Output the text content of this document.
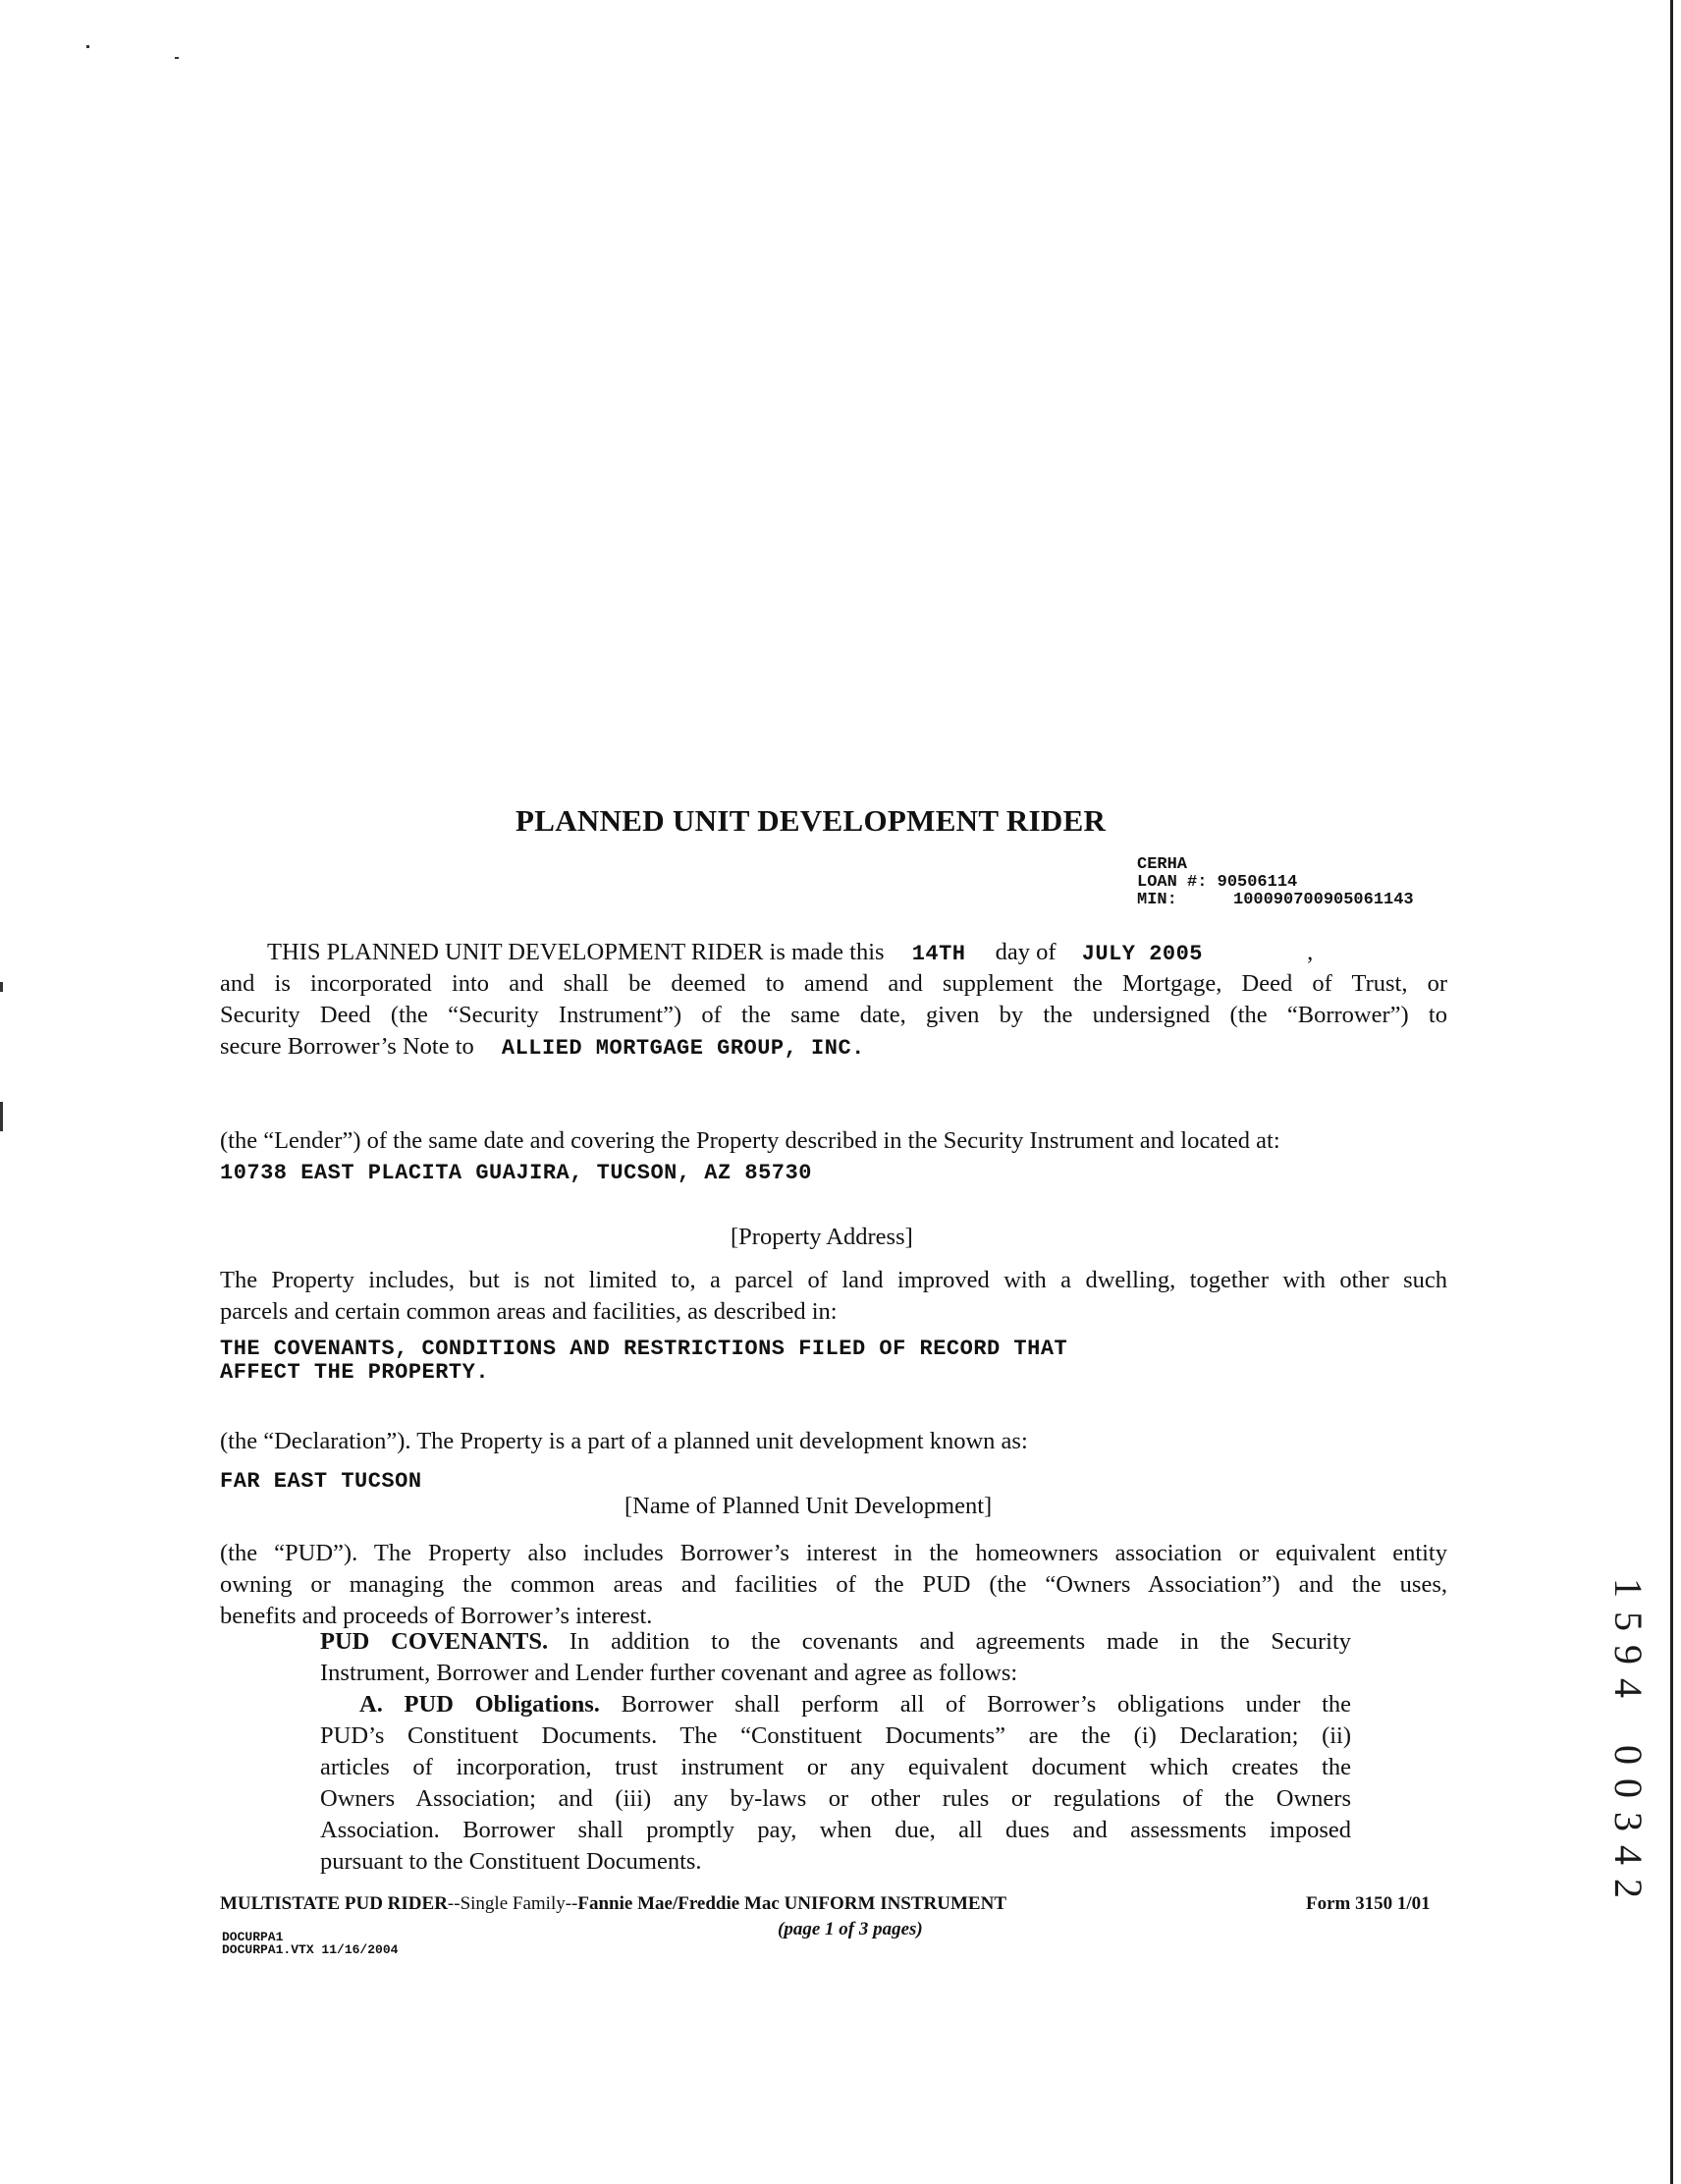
PLANNED UNIT DEVELOPMENT RIDER
CERHA
LOAN #: 90506114
MIN:	100090700905061143
THIS PLANNED UNIT DEVELOPMENT RIDER is made this 14TH day of JULY 2005	,
and is incorporated into and shall be deemed to amend and supplement the Mortgage, Deed of Trust, or
Security Deed (the “Security Instrument”) of the same date, given by the undersigned (the “Borrower”) to
secure Borrower’s Note to ALLIED MORTGAGE GROUP, INC.
(the “Lender”) of the same date and covering the Property described in the Security Instrument and located at:
10738 EAST PLACITA GUAJIRA, TUCSON, AZ 85730
[Property Address]
The Property includes, but is not limited to, a parcel of land improved with a dwelling, together with other such
parcels and certain common areas and facilities, as described in:
THE COVENANTS, CONDITIONS AND RESTRICTIONS FILED OF RECORD THAT
AFFECT THE PROPERTY.
(the “Declaration”). The Property is a part of a planned unit development known as:
FAR EAST TUCSON
[Name of Planned Unit Development]
(the “PUD”). The Property also includes Borrower’s interest in the homeowners association or equivalent entity
owning or managing the common areas and facilities of the PUD (the “Owners Association”) and the uses,
benefits and proceeds of Borrower’s interest.
PUD COVENANTS. In addition to the covenants and agreements made in the Security
Instrument, Borrower and Lender further covenant and agree as follows:
A. PUD Obligations. Borrower shall perform all of Borrower’s obligations under the
PUD’s Constituent Documents. The “Constituent Documents” are the (i) Declaration; (ii)
articles of incorporation, trust instrument or any equivalent document which creates the
Owners Association; and (iii) any by-laws or other rules or regulations of the Owners
Association. Borrower shall promptly pay, when due, all dues and assessments imposed
pursuant to the Constituent Documents.
MULTISTATE PUD RIDER--Single Family--Fannie Mae/Freddie Mac UNIFORM INSTRUMENT	Form 3150 1/01
(page 1 of 3 pages)
DOCURPA1
DOCURPA1.VTX 11/16/2004
1
5
9
4

0
0
3
4
2
